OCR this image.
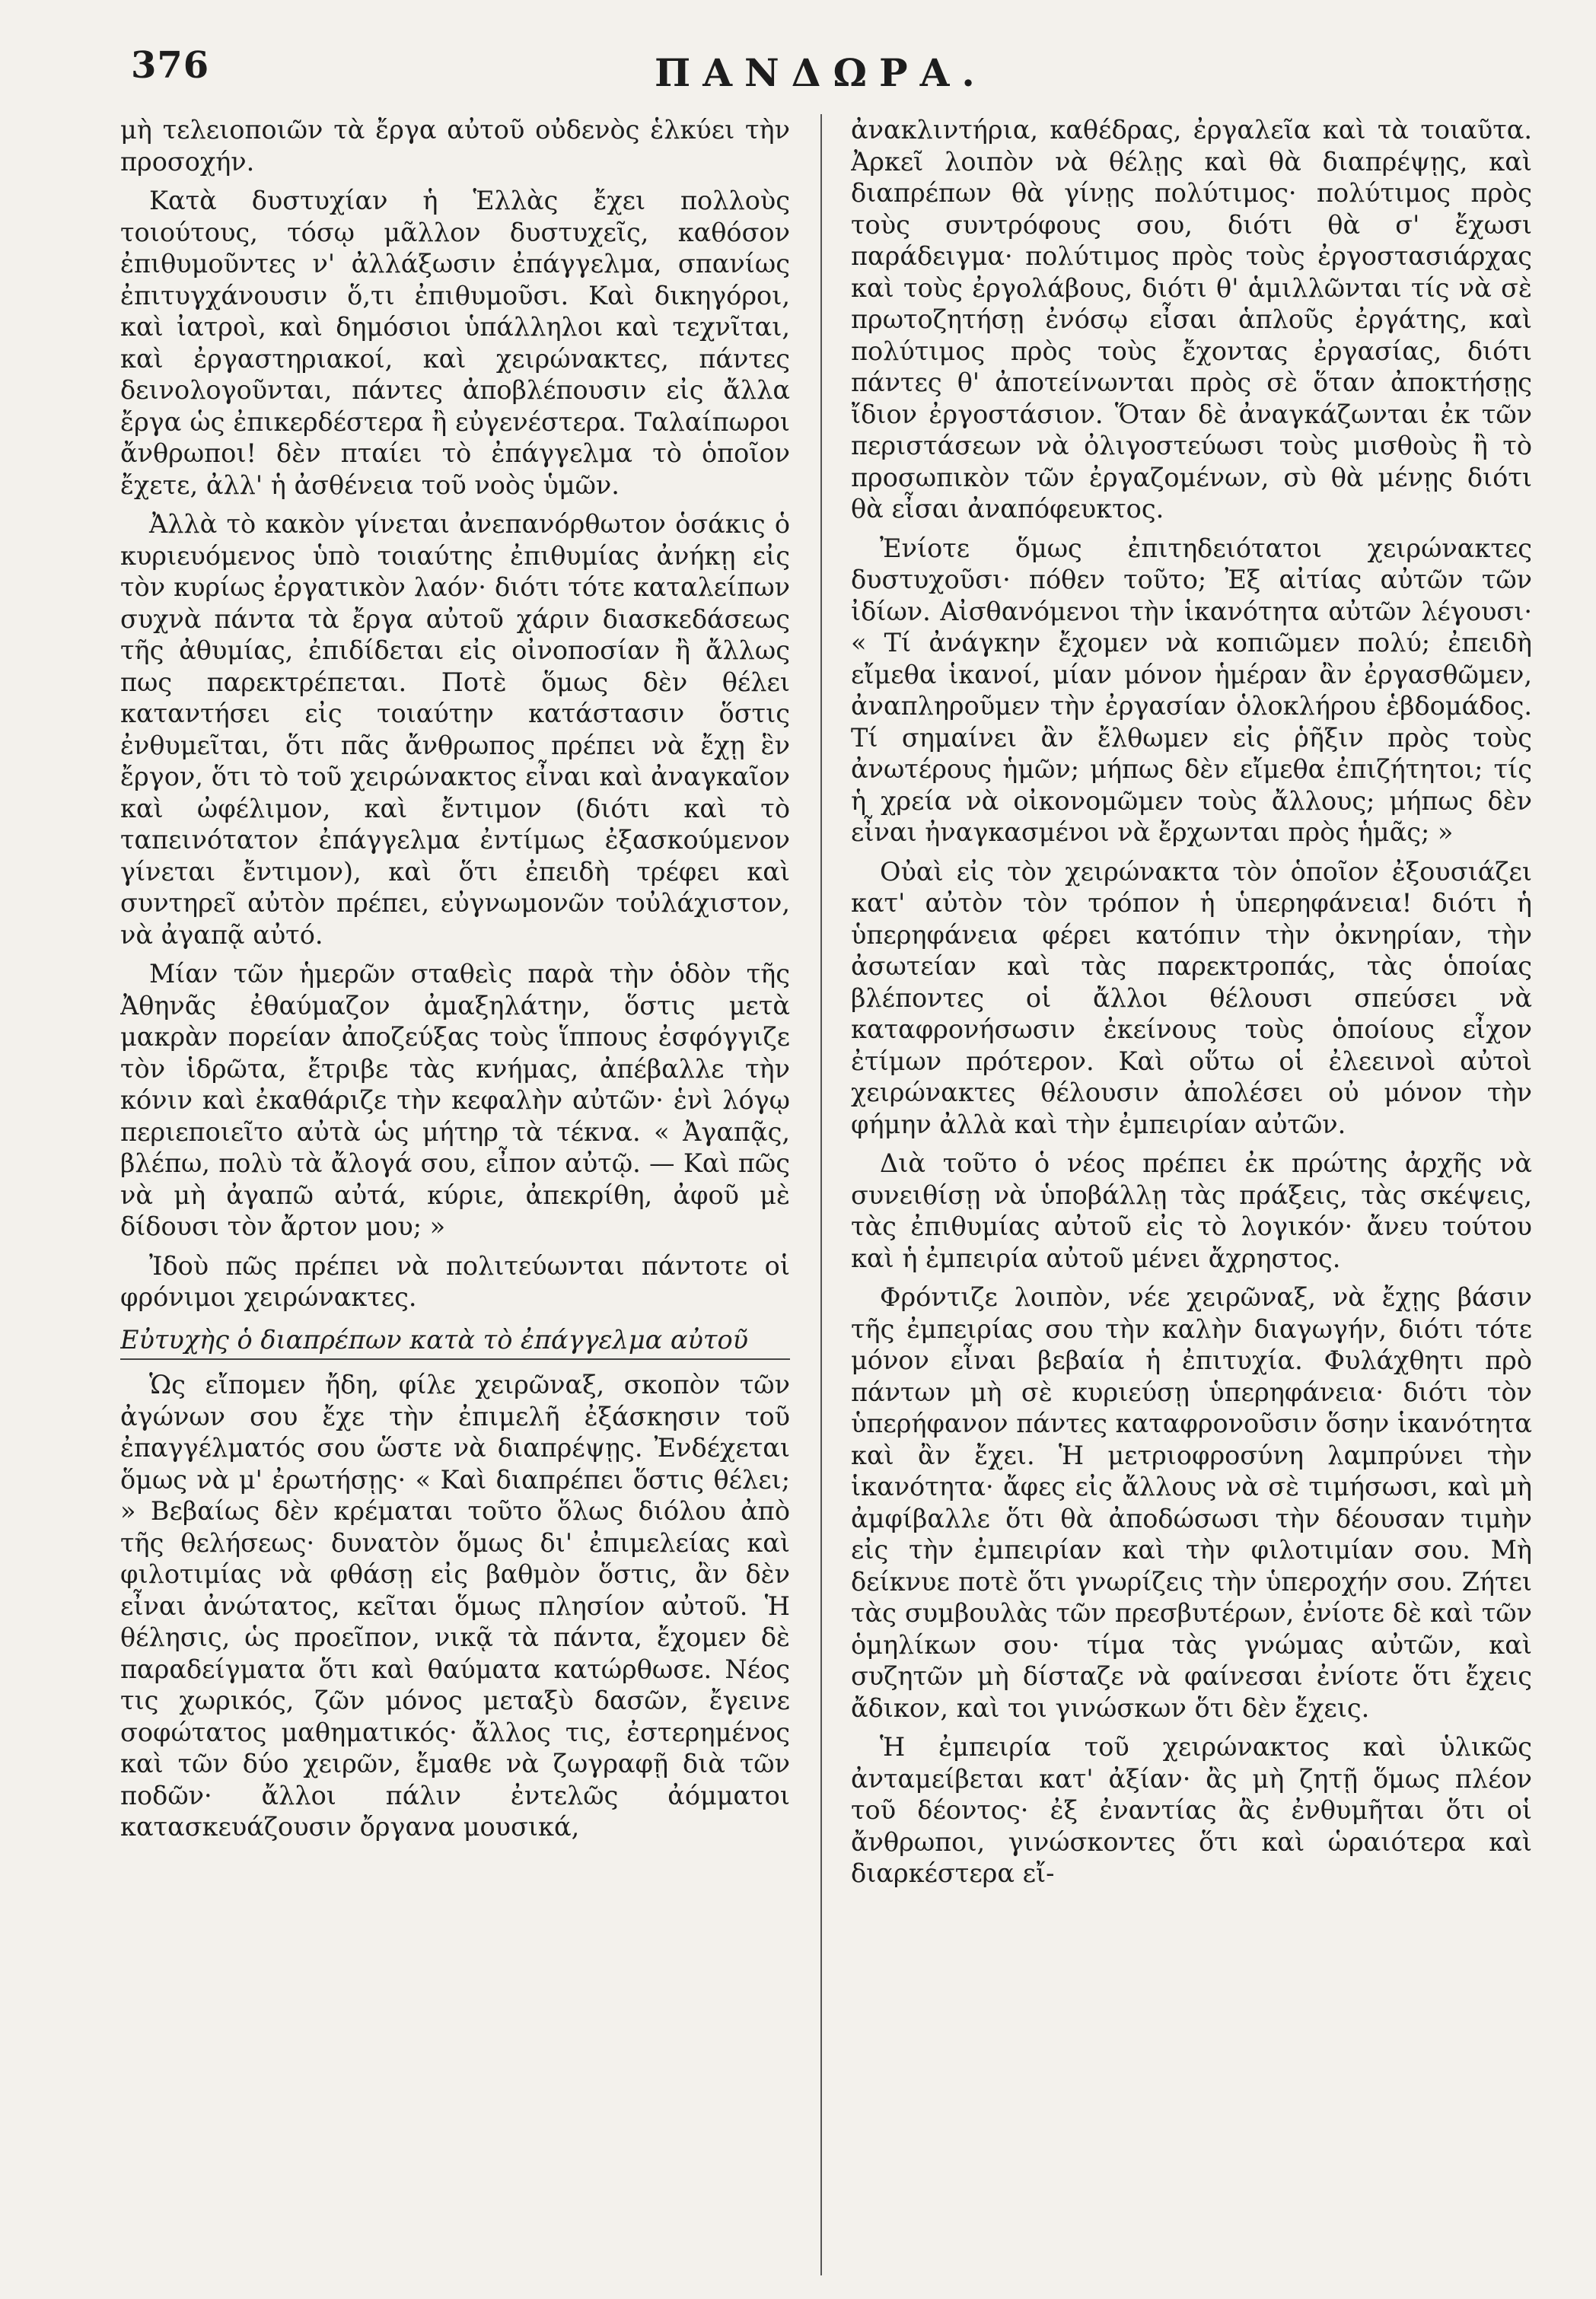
376	ΠΑΝΔΩΡΑ.

μὴ τελειοποιῶν τὰ ἔργα αὐτοῦ οὐδενὸς ἑλκύει τὴν προσοχήν.

Κατὰ δυστυχίαν ἡ Ἑλλὰς ἔχει πολλοὺς τοιούτους, τόσῳ μᾶλλον δυστυχεῖς, καθόσον ἐπιθυμοῦντες ν' ἀλλάξωσιν ἐπάγγελμα, σπανίως ἐπιτυγχάνουσιν ὅ,τι ἐπιθυμοῦσι. Καὶ δικηγόροι, καὶ ἰατροὶ, καὶ δημόσιοι ὑπάλληλοι καὶ τεχνῖται, καὶ ἐργαστηριακοί, καὶ χειρώνακτες, πάντες δεινολογοῦνται, πάντες ἀποβλέπουσιν εἰς ἄλλα ἔργα ὡς ἐπικερδέστερα ἢ εὐγενέστερα. Ταλαίπωροι ἄνθρωποι! δὲν πταίει τὸ ἐπάγγελμα τὸ ὁποῖον ἔχετε, ἀλλ' ἡ ἀσθένεια τοῦ νοὸς ὑμῶν.

Ἀλλὰ τὸ κακὸν γίνεται ἀνεπανόρθωτον ὁσάκις ὁ κυριευόμενος ὑπὸ τοιαύτης ἐπιθυμίας ἀνήκῃ εἰς τὸν κυρίως ἐργατικὸν λαόν· διότι τότε καταλείπων συχνὰ πάντα τὰ ἔργα αὐτοῦ χάριν διασκεδάσεως τῆς ἀθυμίας, ἐπιδίδεται εἰς οἰνοποσίαν ἢ ἄλλως πως παρεκτρέπεται. Ποτὲ ὅμως δὲν θέλει καταντήσει εἰς τοιαύτην κατάστασιν ὅστις ἐνθυμεῖται, ὅτι πᾶς ἄνθρωπος πρέπει νὰ ἔχῃ ἓν ἔργον, ὅτι τὸ τοῦ χειρώνακτος εἶναι καὶ ἀναγκαῖον καὶ ὠφέλιμον, καὶ ἔντιμον (διότι καὶ τὸ ταπεινότατον ἐπάγγελμα ἐντίμως ἐξασκούμενον γίνεται ἔντιμον), καὶ ὅτι ἐπειδὴ τρέφει καὶ συντηρεῖ αὐτὸν πρέπει, εὐγνωμονῶν τοὐλάχιστον, νὰ ἀγαπᾷ αὐτό.

Μίαν τῶν ἡμερῶν σταθεὶς παρὰ τὴν ὁδὸν τῆς Ἀθηνᾶς ἐθαύμαζον ἀμαξηλάτην, ὅστις μετὰ μακρὰν πορείαν ἀποζεύξας τοὺς ἵππους ἐσφόγγιζε τὸν ἱδρῶτα, ἔτριβε τὰς κνήμας, ἀπέβαλλε τὴν κόνιν καὶ ἐκαθάριζε τὴν κεφαλὴν αὐτῶν· ἑνὶ λόγῳ περιεποιεῖτο αὐτὰ ὡς μήτηρ τὰ τέκνα. « Ἀγαπᾷς, βλέπω, πολὺ τὰ ἄλογά σου, εἶπον αὐτῷ. — Καὶ πῶς νὰ μὴ ἀγαπῶ αὐτά, κύριε, ἀπεκρίθη, ἀφοῦ μὲ δίδουσι τὸν ἄρτον μου; »

Ἰδοὺ πῶς πρέπει νὰ πολιτεύωνται πάντοτε οἱ φρόνιμοι χειρώνακτες.

Εὐτυχὴς ὁ διαπρέπων κατὰ τὸ ἐπάγγελμα αὐτοῦ

Ὡς εἴπομεν ἤδη, φίλε χειρῶναξ, σκοπὸν τῶν ἀγώνων σου ἔχε τὴν ἐπιμελῆ ἐξάσκησιν τοῦ ἐπαγγέλματός σου ὥστε νὰ διαπρέψῃς. Ἐνδέχεται ὅμως νὰ μ' ἐρωτήσῃς· « Καὶ διαπρέπει ὅστις θέλει; » Βεβαίως δὲν κρέμαται τοῦτο ὅλως διόλου ἀπὸ τῆς θελήσεως· δυνατὸν ὅμως δι' ἐπιμελείας καὶ φιλοτιμίας νὰ φθάσῃ εἰς βαθμὸν ὅστις, ἂν δὲν εἶναι ἀνώτατος, κεῖται ὅμως πλησίον αὐτοῦ. Ἡ θέλησις, ὡς προεῖπον, νικᾷ τὰ πάντα, ἔχομεν δὲ παραδείγματα ὅτι καὶ θαύματα κατώρθωσε. Νέος τις χωρικός, ζῶν μόνος μεταξὺ δασῶν, ἔγεινε σοφώτατος μαθηματικός· ἄλλος τις, ἐστερημένος καὶ τῶν δύο χειρῶν, ἔμαθε νὰ ζωγραφῇ διὰ τῶν ποδῶν· ἄλλοι πάλιν ἐντελῶς ἀόμματοι κατασκευάζουσιν ὄργανα μουσικά,

ἀνακλιντήρια, καθέδρας, ἐργαλεῖα καὶ τὰ τοιαῦτα. Ἀρκεῖ λοιπὸν νὰ θέλῃς καὶ θὰ διαπρέψῃς, καὶ διαπρέπων θὰ γίνῃς πολύτιμος· πολύτιμος πρὸς τοὺς συντρόφους σου, διότι θὰ σ' ἔχωσι παράδειγμα· πολύτιμος πρὸς τοὺς ἐργοστασιάρχας καὶ τοὺς ἐργολάβους, διότι θ' ἁμιλλῶνται τίς νὰ σὲ πρωτοζητήσῃ ἐνόσῳ εἶσαι ἁπλοῦς ἐργάτης, καὶ πολύτιμος πρὸς τοὺς ἔχοντας ἐργασίας, διότι πάντες θ' ἀποτείνωνται πρὸς σὲ ὅταν ἀποκτήσῃς ἴδιον ἐργοστάσιον. Ὅταν δὲ ἀναγκάζωνται ἐκ τῶν περιστάσεων νὰ ὀλιγοστεύωσι τοὺς μισθοὺς ἢ τὸ προσωπικὸν τῶν ἐργαζομένων, σὺ θὰ μένῃς διότι θὰ εἶσαι ἀναπόφευκτος.

Ἐνίοτε ὅμως ἐπιτηδειότατοι χειρώνακτες δυστυχοῦσι· πόθεν τοῦτο; Ἐξ αἰτίας αὐτῶν τῶν ἰδίων. Αἰσθανόμενοι τὴν ἱκανότητα αὐτῶν λέγουσι· « Τί ἀνάγκην ἔχομεν νὰ κοπιῶμεν πολύ; ἐπειδὴ εἴμεθα ἱκανοί, μίαν μόνον ἡμέραν ἂν ἐργασθῶμεν, ἀναπληροῦμεν τὴν ἐργασίαν ὁλοκλήρου ἑβδομάδος. Τί σημαίνει ἂν ἔλθωμεν εἰς ῥῆξιν πρὸς τοὺς ἀνωτέρους ἡμῶν; μήπως δὲν εἴμεθα ἐπιζήτητοι; τίς ἡ χρεία νὰ οἰκονομῶμεν τοὺς ἄλλους; μήπως δὲν εἶναι ἠναγκασμένοι νὰ ἔρχωνται πρὸς ἡμᾶς; »

Οὐαὶ εἰς τὸν χειρώνακτα τὸν ὁποῖον ἐξουσιάζει κατ' αὐτὸν τὸν τρόπον ἡ ὑπερηφάνεια! διότι ἡ ὑπερηφάνεια φέρει κατόπιν τὴν ὀκνηρίαν, τὴν ἀσωτείαν καὶ τὰς παρεκτροπάς, τὰς ὁποίας βλέποντες οἱ ἄλλοι θέλουσι σπεύσει νὰ καταφρονήσωσιν ἐκείνους τοὺς ὁποίους εἶχον ἐτίμων πρότερον. Καὶ οὕτω οἱ ἐλεεινοὶ αὐτοὶ χειρώνακτες θέλουσιν ἀπολέσει οὐ μόνον τὴν φήμην ἀλλὰ καὶ τὴν ἐμπειρίαν αὐτῶν.

Διὰ τοῦτο ὁ νέος πρέπει ἐκ πρώτης ἀρχῆς νὰ συνειθίσῃ νὰ ὑποβάλλῃ τὰς πράξεις, τὰς σκέψεις, τὰς ἐπιθυμίας αὐτοῦ εἰς τὸ λογικόν· ἄνευ τούτου καὶ ἡ ἐμπειρία αὐτοῦ μένει ἄχρηστος.

Φρόντιζε λοιπὸν, νέε χειρῶναξ, νὰ ἔχῃς βάσιν τῆς ἐμπειρίας σου τὴν καλὴν διαγωγήν, διότι τότε μόνον εἶναι βεβαία ἡ ἐπιτυχία. Φυλάχθητι πρὸ πάντων μὴ σὲ κυριεύσῃ ὑπερηφάνεια· διότι τὸν ὑπερήφανον πάντες καταφρονοῦσιν ὅσην ἱκανότητα καὶ ἂν ἔχει. Ἡ μετριοφροσύνη λαμπρύνει τὴν ἱκανότητα· ἄφες εἰς ἄλλους νὰ σὲ τιμήσωσι, καὶ μὴ ἀμφίβαλλε ὅτι θὰ ἀποδώσωσι τὴν δέουσαν τιμὴν εἰς τὴν ἐμπειρίαν καὶ τὴν φιλοτιμίαν σου. Μὴ δείκνυε ποτὲ ὅτι γνωρίζεις τὴν ὑπεροχήν σου. Ζήτει τὰς συμβουλὰς τῶν πρεσβυτέρων, ἐνίοτε δὲ καὶ τῶν ὁμηλίκων σου· τίμα τὰς γνώμας αὐτῶν, καὶ συζητῶν μὴ δίσταζε νὰ φαίνεσαι ἐνίοτε ὅτι ἔχεις ἄδικον, καὶ τοι γινώσκων ὅτι δὲν ἔχεις.

Ἡ ἐμπειρία τοῦ χειρώνακτος καὶ ὑλικῶς ἀνταμείβεται κατ' ἀξίαν· ἂς μὴ ζητῇ ὅμως πλέον τοῦ δέοντος· ἐξ ἐναντίας ἂς ἐνθυμῆται ὅτι οἱ ἄνθρωποι, γινώσκοντες ὅτι καὶ ὡραιότερα καὶ διαρκέστερα εἴ-
